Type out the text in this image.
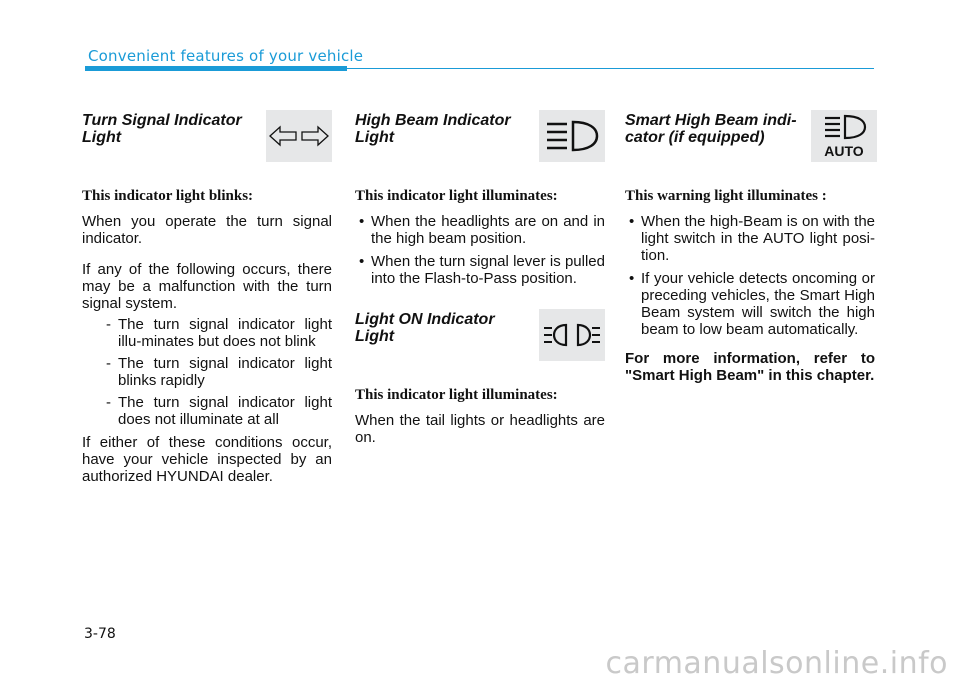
Convenient features of your vehicle
Turn Signal Indicator Light
This indicator light blinks:

When you operate the turn signal indicator.

If any of the following occurs, there may be a malfunction with the turn signal system.

- The turn signal indicator light illu-minates but does not blink
- The turn signal indicator light blinks rapidly
- The turn signal indicator light does not illuminate at all

If either of these conditions occur, have your vehicle inspected by an authorized HYUNDAI dealer.

High Beam Indicator Light
This indicator light illuminates:
• When the headlights are on and in the high beam position.
• When the turn signal lever is pulled into the Flash-to-Pass position.
Light ON Indicator Light
This indicator light illuminates:

When the tail lights or headlights are on.

Smart High Beam indi-cator (if equipped)
AUTO
This warning light illuminates :
• When the high-Beam is on with the light switch in the AUTO light posi-tion.
• If your vehicle detects oncoming or preceding vehicles, the Smart High Beam system will switch the high beam to low beam automatically.
For more information, refer to "Smart High Beam" in this chapter.
3-78
carmanualsonline.info
